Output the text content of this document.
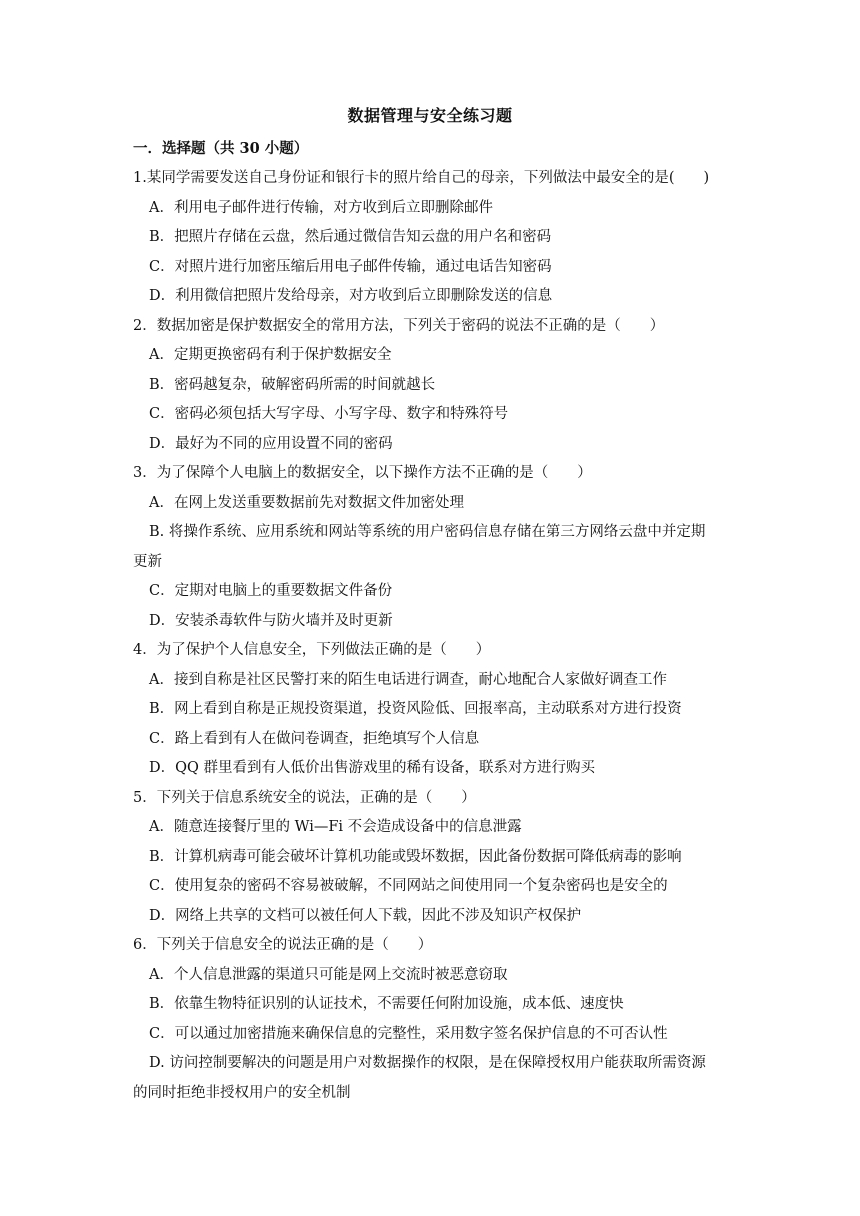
数据管理与安全练习题
一．选择题（共 30 小题）
1.某同学需要发送自己身份证和银行卡的照片给自己的母亲，下列做法中最安全的是(　　)
A．利用电子邮件进行传输，对方收到后立即删除邮件
B．把照片存储在云盘，然后通过微信告知云盘的用户名和密码
C．对照片进行加密压缩后用电子邮件传输，通过电话告知密码
D．利用微信把照片发给母亲，对方收到后立即删除发送的信息
2．数据加密是保护数据安全的常用方法，下列关于密码的说法不正确的是（　　）
A．定期更换密码有利于保护数据安全
B．密码越复杂，破解密码所需的时间就越长
C．密码必须包括大写字母、小写字母、数字和特殊符号
D．最好为不同的应用设置不同的密码
3．为了保障个人电脑上的数据安全，以下操作方法不正确的是（　　）
A．在网上发送重要数据前先对数据文件加密处理
B. 将操作系统、应用系统和网站等系统的用户密码信息存储在第三方网络云盘中并定期
更新
C．定期对电脑上的重要数据文件备份
D．安装杀毒软件与防火墙并及时更新
4．为了保护个人信息安全，下列做法正确的是（　　）
A．接到自称是社区民警打来的陌生电话进行调查，耐心地配合人家做好调查工作
B．网上看到自称是正规投资渠道，投资风险低、回报率高，主动联系对方进行投资
C．路上看到有人在做问卷调查，拒绝填写个人信息
D．QQ 群里看到有人低价出售游戏里的稀有设备，联系对方进行购买
5．下列关于信息系统安全的说法，正确的是（　　）
A．随意连接餐厅里的 Wi—Fi 不会造成设备中的信息泄露
B．计算机病毒可能会破坏计算机功能或毁坏数据，因此备份数据可降低病毒的影响
C．使用复杂的密码不容易被破解，不同网站之间使用同一个复杂密码也是安全的
D．网络上共享的文档可以被任何人下载，因此不涉及知识产权保护
6．下列关于信息安全的说法正确的是（　　）
A．个人信息泄露的渠道只可能是网上交流时被恶意窃取
B．依靠生物特征识别的认证技术，不需要任何附加设施，成本低、速度快
C．可以通过加密措施来确保信息的完整性，采用数字签名保护信息的不可否认性
D. 访问控制要解决的问题是用户对数据操作的权限，是在保障授权用户能获取所需资源
的同时拒绝非授权用户的安全机制
